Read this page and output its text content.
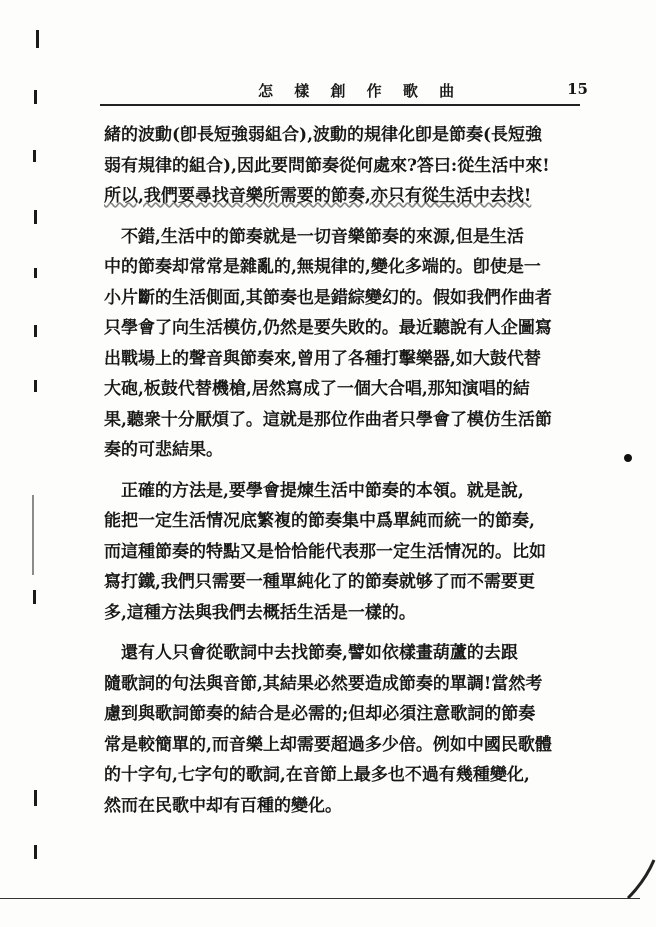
怎 樣 創 作 歌 曲	15
緒的波動(卽長短強弱組合),波動的規律化卽是節奏(長短強
弱有規律的組合),因此要問節奏從何處來?答曰:從生活中來!
所以,我們要尋找音樂所需要的節奏,亦只有從生活中去找!
　不錯,生活中的節奏就是一切音樂節奏的來源,但是生活
中的節奏却常常是雜亂的,無規律的,變化多端的。卽使是一
小片斷的生活側面,其節奏也是錯綜變幻的。假如我們作曲者
只學會了向生活模仿,仍然是要失敗的。最近聽說有人企圖寫
出戰場上的聲音與節奏來,曾用了各種打擊樂器,如大鼓代替
大砲,板鼓代替機槍,居然寫成了一個大合唱,那知演唱的結
果,聽衆十分厭煩了。這就是那位作曲者只學會了模仿生活節
奏的可悲結果。
　正確的方法是,要學會提煉生活中節奏的本領。就是說,
能把一定生活情况底繁複的節奏集中爲單純而統一的節奏,
而這種節奏的特點又是恰恰能代表那一定生活情况的。比如
寫打鐵,我們只需要一種單純化了的節奏就够了而不需要更
多,這種方法與我們去概括生活是一樣的。
　還有人只會從歌詞中去找節奏,譬如依樣畫葫蘆的去跟
隨歌詞的句法與音節,其結果必然要造成節奏的單調!當然考
慮到與歌詞節奏的結合是必需的;但却必須注意歌詞的節奏
常是較簡單的,而音樂上却需要超過多少倍。例如中國民歌體
的十字句,七字句的歌詞,在音節上最多也不過有幾種變化,
然而在民歌中却有百種的變化。
